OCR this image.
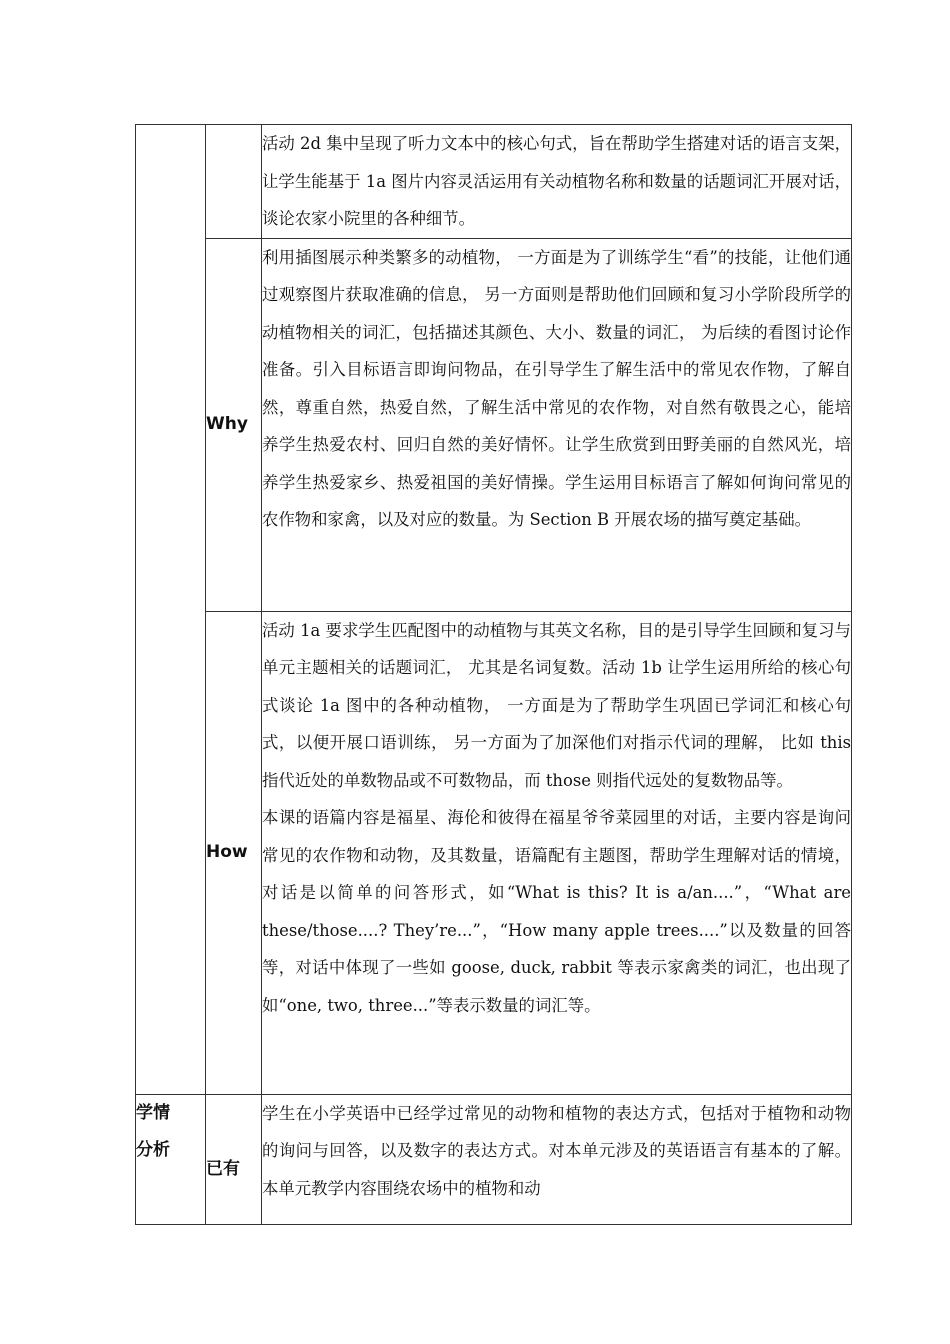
		活动 2d 集中呈现了听力文本中的核心句式，旨在帮助学生搭建对话的语言支架， 让学生能基于 1a 图片内容灵活运用有关动植物名称和数量的话题词汇开展对话， 谈论农家小院里的各种细节。

	Why	利用插图展示种类繁多的动植物， 一方面是为了训练学生“看”的技能，让他们通过观察图片获取准确的信息， 另一方面则是帮助他们回顾和复习小学阶段所学的动植物相关的词汇，包括描述其颜色、大小、数量的词汇， 为后续的看图讨论作准备。引入目标语言即询问物品，在引导学生了解生活中的常见农作物，了解自然，尊重自然，热爱自然，了解生活中常见的农作物，对自然有敬畏之心，能培养学生热爱农村、回归自然的美好情怀。让学生欣赏到田野美丽的自然风光，培养学生热爱家乡、热爱祖国的美好情操。学生运用目标语言了解如何询问常见的农作物和家禽，以及对应的数量。为 Section B 开展农场的描写奠定基础。

	How	活动 1a 要求学生匹配图中的动植物与其英文名称，目的是引导学生回顾和复习与单元主题相关的话题词汇， 尤其是名词复数。活动 1b 让学生运用所给的核心句式谈论 1a 图中的各种动植物， 一方面是为了帮助学生巩固已学词汇和核心句式，以便开展口语训练， 另一方面为了加深他们对指示代词的理解， 比如 this 指代近处的单数物品或不可数物品，而 those 则指代远处的复数物品等。

本课的语篇内容是福星、海伦和彼得在福星爷爷菜园里的对话，主要内容是询问常见的农作物和动物，及其数量，语篇配有主题图，帮助学生理解对话的情境，对话是以简单的问答形式，如“What is this? It is a/an....”，“What are these/those....? They’re...”，“How many apple trees....”以及数量的回答等，对话中体现了一些如 goose, duck, rabbit 等表示家禽类的词汇，也出现了如“one, two, three...”等表示数量的词汇等。

学情分析	已有	学生在小学英语中已经学过常见的动物和植物的表达方式，包括对于植物和动物的询问与回答，以及数字的表达方式。对本单元涉及的英语语言有基本的了解。本单元教学内容围绕农场中的植物和动
